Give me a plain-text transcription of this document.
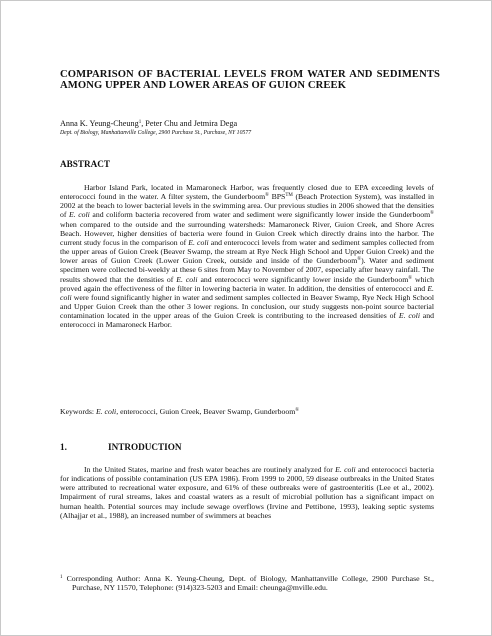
COMPARISON OF BACTERIAL LEVELS FROM WATER AND SEDIMENTS AMONG UPPER AND LOWER AREAS OF GUION CREEK
Anna K. Yeung-Cheung$^1$, Peter Chu and Jetmira Dega
Dept. of Biology, Manhattanville College, 2900 Purchase St., Purchase, NY 10577
ABSTRACT
Harbor Island Park, located in Mamaroneck Harbor, was frequently closed due to EPA exceeding levels of enterococci found in the water. A filter system, the Gunderboom® BPS™ (Beach Protection System), was installed in 2002 at the beach to lower bacterial levels in the swimming area. Our previous studies in 2006 showed that the densities of E. coli and coliform bacteria recovered from water and sediment were significantly lower inside the Gunderboom® when compared to the outside and the surrounding watersheds: Mamaroneck River, Guion Creek, and Shore Acres Beach. However, higher densities of bacteria were found in Guion Creek which directly drains into the harbor. The current study focus in the comparison of E. coli and enterococci levels from water and sediment samples collected from the upper areas of Guion Creek (Beaver Swamp, the stream at Rye Neck High School and Upper Guion Creek) and the lower areas of Guion Creek (Lower Guion Creek, outside and inside of the Gunderboom®). Water and sediment specimen were collected bi-weekly at these 6 sites from May to November of 2007, especially after heavy rainfall. The results showed that the densities of E. coli and enterococci were significantly lower inside the Gunderboom® which proved again the effectiveness of the filter in lowering bacteria in water. In addition, the densities of enterococci and E. coli were found significantly higher in water and sediment samples collected in Beaver Swamp, Rye Neck High School and Upper Guion Creek than the other 3 lower regions. In conclusion, our study suggests non-point source bacterial contamination located in the upper areas of the Guion Creek is contributing to the increased densities of E. coli and enterococci in Mamaroneck Harbor.
Keywords: E. coli, enterococci, Guion Creek, Beaver Swamp, Gunderboom®
1.	INTRODUCTION
In the United States, marine and fresh water beaches are routinely analyzed for E. coli and enterococci bacteria for indications of possible contamination (US EPA 1986). From 1999 to 2000, 59 disease outbreaks in the United States were attributed to recreational water exposure, and 61% of these outbreaks were of gastroenteritis (Lee et al., 2002). Impairment of rural streams, lakes and coastal waters as a result of microbial pollution has a significant impact on human health. Potential sources may include sewage overflows (Irvine and Pettibone, 1993), leaking septic systems (Alhajjar et al., 1988), an increased number of swimmers at beaches
$^1$ Corresponding Author: Anna K. Yeung-Cheung, Dept. of Biology, Manhattanville College, 2900 Purchase St., Purchase, NY 11570, Telephone: (914)323-5203 and Email: cheunga@mville.edu.
